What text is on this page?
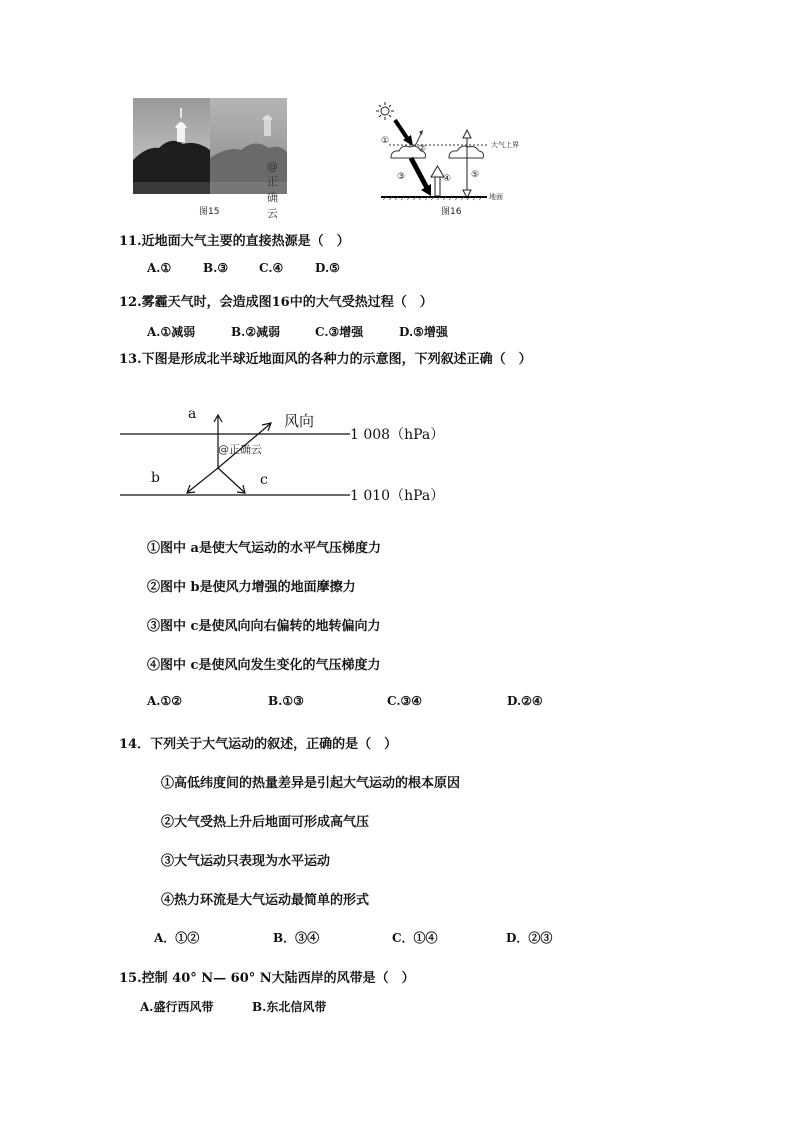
@正确云
图15
①
②
③	④ ⑤
大气上界
地面
图16
11.近地面大气主要的直接热源是（　）
A.①	B.③	C.④	D.⑤
12.雾霾天气时，会造成图16中的大气受热过程（　）
A.①减弱	B.②减弱	C.③增强	D.⑤增强
13.下图是形成北半球近地面风的各种力的示意图，下列叙述正确（　）
a
b	c
风向
1 008（hPa）
1 010（hPa）
@正确云
①图中 a是使大气运动的水平气压梯度力
②图中 b是使风力增强的地面摩擦力
③图中 c是使风向向右偏转的地转偏向力
④图中 c是使风向发生变化的气压梯度力
A.①②	B.①③	C.③④	D.②④
14．下列关于大气运动的叙述，正确的是（　）
①高低纬度间的热量差异是引起大气运动的根本原因
②大气受热上升后地面可形成高气压
③大气运动只表现为水平运动
④热力环流是大气运动最简单的形式
A．①②	B．③④	C．①④	D．②③
15.控制 40° N— 60° N大陆西岸的风带是（　）
A.盛行西风带	B.东北信风带
